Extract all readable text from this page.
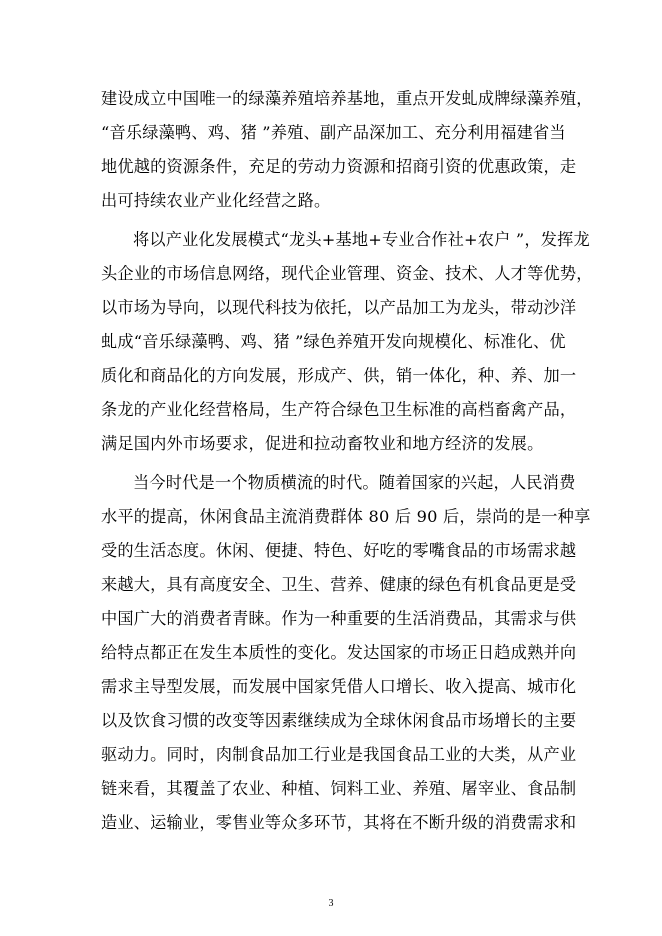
建设成立中国唯一的绿藻养殖培养基地，重点开发虬成牌绿藻养殖，
“音乐绿藻鸭、鸡、猪 ”养殖、副产品深加工、充分利用福建省当
地优越的资源条件，充足的劳动力资源和招商引资的优惠政策，走
出可持续农业产业化经营之路。
将以产业化发展模式“龙头+基地+专业合作社+农户 ”，发挥龙
头企业的市场信息网络，现代企业管理、资金、技术、人才等优势，
以市场为导向，以现代科技为依托，以产品加工为龙头，带动沙洋
虬成“音乐绿藻鸭、鸡、猪 ”绿色养殖开发向规模化、标准化、优
质化和商品化的方向发展，形成产、供，销一体化，种、养、加一
条龙的产业化经营格局，生产符合绿色卫生标准的高档畜禽产品，
满足国内外市场要求，促进和拉动畜牧业和地方经济的发展。
当今时代是一个物质横流的时代。随着国家的兴起，人民消费
水平的提高，休闲食品主流消费群体 80 后 90 后，崇尚的是一种享
受的生活态度。休闲、便捷、特色、好吃的零嘴食品的市场需求越
来越大，具有高度安全、卫生、营养、健康的绿色有机食品更是受
中国广大的消费者青睐。作为一种重要的生活消费品，其需求与供
给特点都正在发生本质性的变化。发达国家的市场正日趋成熟并向
需求主导型发展，而发展中国家凭借人口增长、收入提高、城市化
以及饮食习惯的改变等因素继续成为全球休闲食品市场增长的主要
驱动力。同时，肉制食品加工行业是我国食品工业的大类，从产业
链来看，其覆盖了农业、种植、饲料工业、养殖、屠宰业、食品制
造业、运输业，零售业等众多环节，其将在不断升级的消费需求和
3
